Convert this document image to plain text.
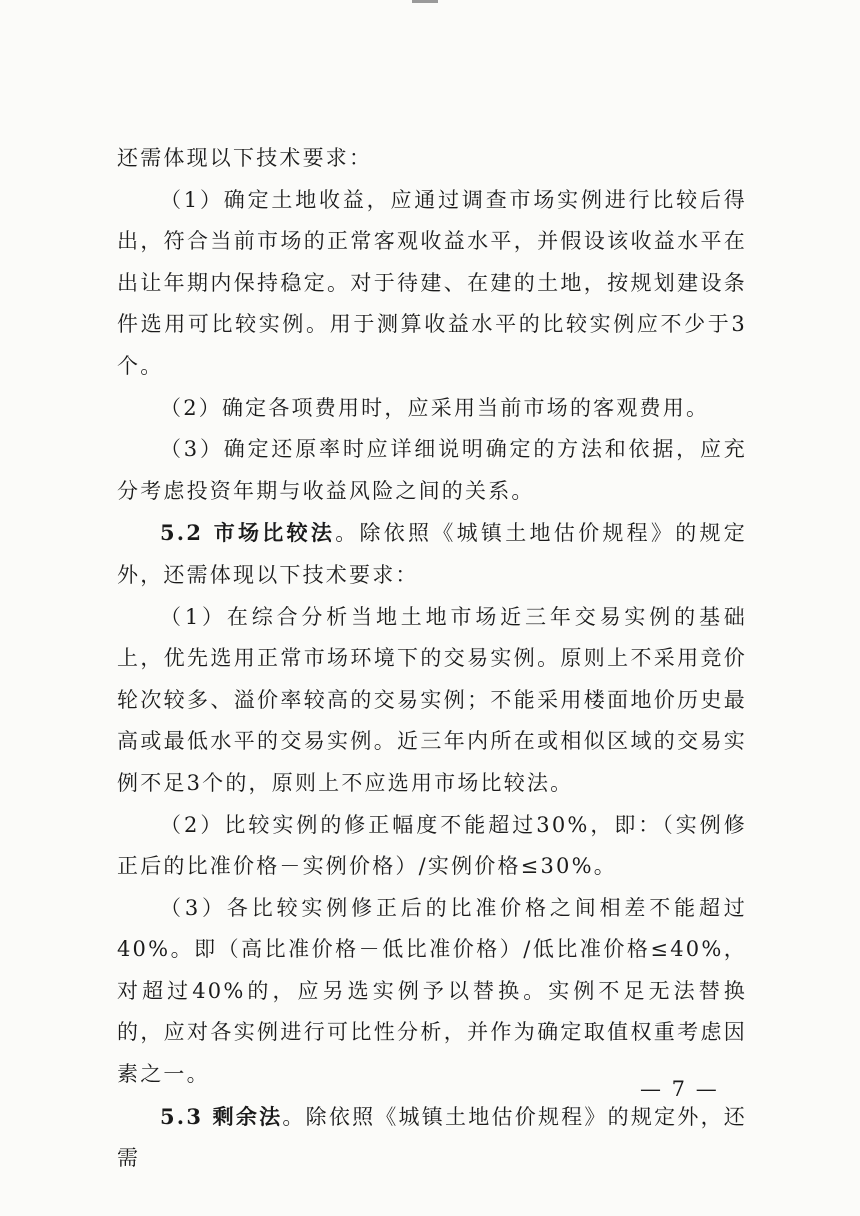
还需体现以下技术要求：

（1）确定土地收益，应通过调查市场实例进行比较后得出，符合当前市场的正常客观收益水平，并假设该收益水平在出让年期内保持稳定。对于待建、在建的土地，按规划建设条件选用可比较实例。用于测算收益水平的比较实例应不少于3个。

（2）确定各项费用时，应采用当前市场的客观费用。

（3）确定还原率时应详细说明确定的方法和依据，应充分考虑投资年期与收益风险之间的关系。

5.2 市场比较法。除依照《城镇土地估价规程》的规定外，还需体现以下技术要求：

（1）在综合分析当地土地市场近三年交易实例的基础上，优先选用正常市场环境下的交易实例。原则上不采用竞价轮次较多、溢价率较高的交易实例；不能采用楼面地价历史最高或最低水平的交易实例。近三年内所在或相似区域的交易实例不足3个的，原则上不应选用市场比较法。

（2）比较实例的修正幅度不能超过30%，即：（实例修正后的比准价格－实例价格）/实例价格≤30%。

（3）各比较实例修正后的比准价格之间相差不能超过40%。即（高比准价格－低比准价格）/低比准价格≤40%，对超过40%的，应另选实例予以替换。实例不足无法替换的，应对各实例进行可比性分析，并作为确定取值权重考虑因素之一。

5.3 剩余法。除依照《城镇土地估价规程》的规定外，还需

— 7 —
